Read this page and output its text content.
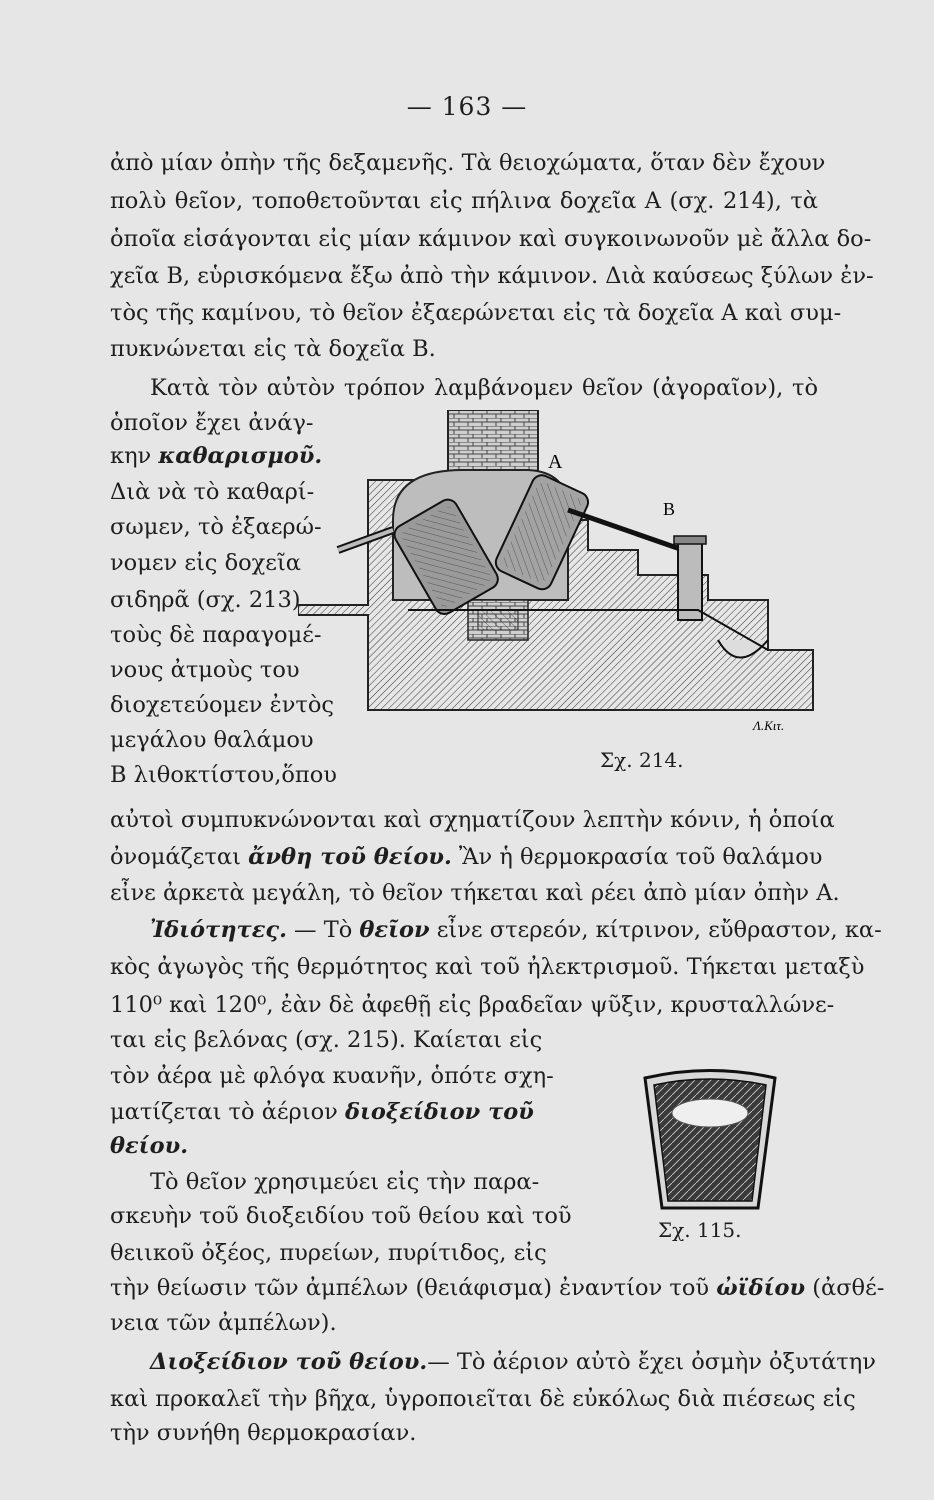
— 163 —
ἀπὸ μίαν ὀπὴν τῆς δεξαμενῆς. Τὰ θειοχώματα, ὅταν δὲν ἔχουν
πολὺ θεῖον, τοποθετοῦνται εἰς πήλινα δοχεῖα Α (σχ. 214), τὰ
ὁποῖα εἰσάγονται εἰς μίαν κάμινον καὶ συγκοινωνοῦν μὲ ἄλλα δο-
χεῖα Β, εὑρισκόμενα ἔξω ἀπὸ τὴν κάμινον. Διὰ καύσεως ξύλων ἐν-
τὸς τῆς καμίνου, τὸ θεῖον ἐξαερώνεται εἰς τὰ δοχεῖα Α καὶ συμ-
πυκνώνεται εἰς τὰ δοχεῖα Β.
Κατὰ τὸν αὐτὸν τρόπον λαμβάνομεν θεῖον (ἀγοραῖον), τὸ
ὁποῖον ἔχει ἀνάγ-
κην καθαρισμοῦ.
Διὰ νὰ τὸ καθαρί-
σωμεν, τὸ ἐξαερώ-
νομεν εἰς δοχεῖα
σιδηρᾶ (σχ. 213)
τοὺς δὲ παραγομέ-
νους ἀτμοὺς του
διοχετεύομεν ἐντὸς
μεγάλου θαλάμου
Β λιθοκτίστου,ὅπου
Α
Β
Λ.Κιτ.
Σχ. 214.
αὐτοὶ συμπυκνώνονται καὶ σχηματίζουν λεπτὴν κόνιν, ἡ ὁποία
ὀνομάζεται ἄνθη τοῦ θείου. Ἂν ἡ θερμοκρασία τοῦ θαλάμου
εἶνε ἀρκετὰ μεγάλη, τὸ θεῖον τήκεται καὶ ρέει ἀπὸ μίαν ὀπὴν Α.
Ἰδιότητες. — Τὸ θεῖον εἶνε στερεόν, κίτρινον, εὔθραστον, κα-
κὸς ἀγωγὸς τῆς θερμότητος καὶ τοῦ ἠλεκτρισμοῦ. Τήκεται μεταξὺ
110⁰ καὶ 120⁰, ἐὰν δὲ ἀφεθῇ εἰς βραδεῖαν ψῦξιν, κρυσταλλώνε-
ται εἰς βελόνας (σχ. 215). Καίεται εἰς
τὸν ἀέρα μὲ φλόγα κυανῆν, ὁπότε σχη-
ματίζεται τὸ ἀέριον διοξείδιον τοῦ
θείου.
Τὸ θεῖον χρησιμεύει εἰς τὴν παρα-
σκευὴν τοῦ διοξειδίου τοῦ θείου καὶ τοῦ
θειικοῦ ὀξέος, πυρείων, πυρίτιδος, εἰς
τὴν θείωσιν τῶν ἀμπέλων (θειάφισμα) ἐναντίον τοῦ ὠϊδίου (ἀσθέ-
νεια τῶν ἀμπέλων).
Σχ. 115.
Διοξείδιον τοῦ θείου.— Τὸ ἀέριον αὐτὸ ἔχει ὀσμὴν ὀξυτάτην
καὶ προκαλεῖ τὴν βῆχα, ὑγροποιεῖται δὲ εὐκόλως διὰ πιέσεως εἰς
τὴν συνήθη θερμοκρασίαν.
